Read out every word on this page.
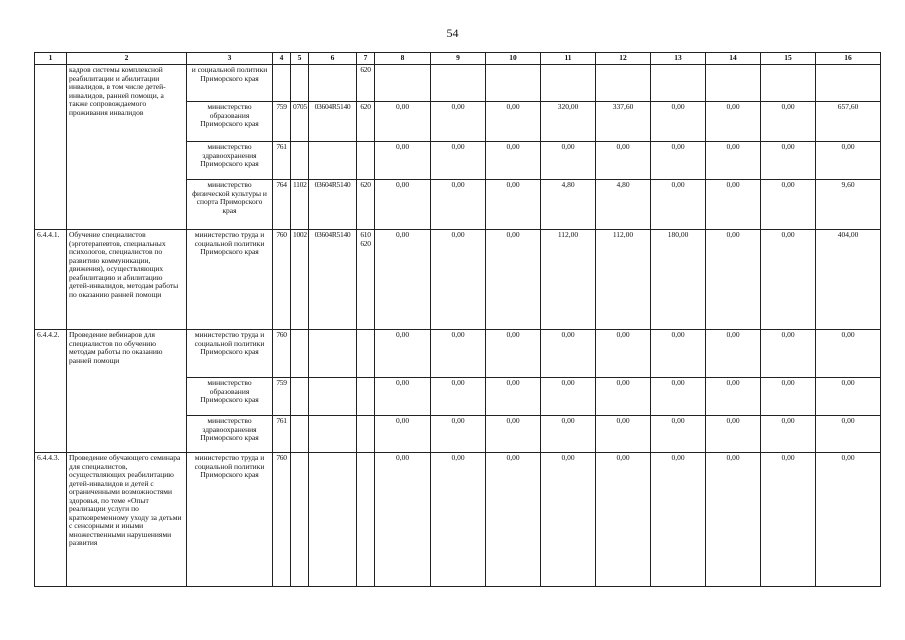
54
1	2	3	4	5	6	7	8	9	10	11	12	13	14	15	16
	кадров системы комплексной реабилитации и абилитации инвалидов, в том числе детей-инвалидов, ранней помощи, а также сопровождаемого проживания инвалидов	и социальной политики Приморского края				620									
		министерство образования Приморского края	759	0705	03604R5140	620	0,00	0,00	0,00	320,00	337,60	0,00	0,00	0,00	657,60
		министерство здравоохранения Приморского края	761				0,00	0,00	0,00	0,00	0,00	0,00	0,00	0,00	0,00
		министерство физической культуры и спорта Приморского края	764	1102	03604R5140	620	0,00	0,00	0,00	4,80	4,80	0,00	0,00	0,00	9,60
6.4.4.1.	Обучение специалистов (эрготерапевтов, специальных психологов, специалистов по развитию коммуникации, движения), осуществляющих реабилитацию и абилитацию детей-инвалидов, методам работы по оказанию ранней помощи	министерство труда и социальной политики Приморского края	760	1002	03604R5140	610 620	0,00	0,00	0,00	112,00	112,00	180,00	0,00	0,00	404,00
6.4.4.2.	Проведение вебинаров для специалистов по обучению методам работы по оказанию ранней помощи	министерство труда и социальной политики Приморского края	760				0,00	0,00	0,00	0,00	0,00	0,00	0,00	0,00	0,00
		министерство образования Приморского края	759				0,00	0,00	0,00	0,00	0,00	0,00	0,00	0,00	0,00
		министерство здравоохранения Приморского края	761				0,00	0,00	0,00	0,00	0,00	0,00	0,00	0,00	0,00
6.4.4.3.	Проведение обучающего семинара для специалистов, осуществляющих реабилитацию детей-инвалидов и детей с ограниченными возможностями здоровья, по теме «Опыт реализации услуги по кратковременному уходу за детьми с сенсорными и иными множественными нарушениями развития	министерство труда и социальной политики Приморского края	760				0,00	0,00	0,00	0,00	0,00	0,00	0,00	0,00	0,00
